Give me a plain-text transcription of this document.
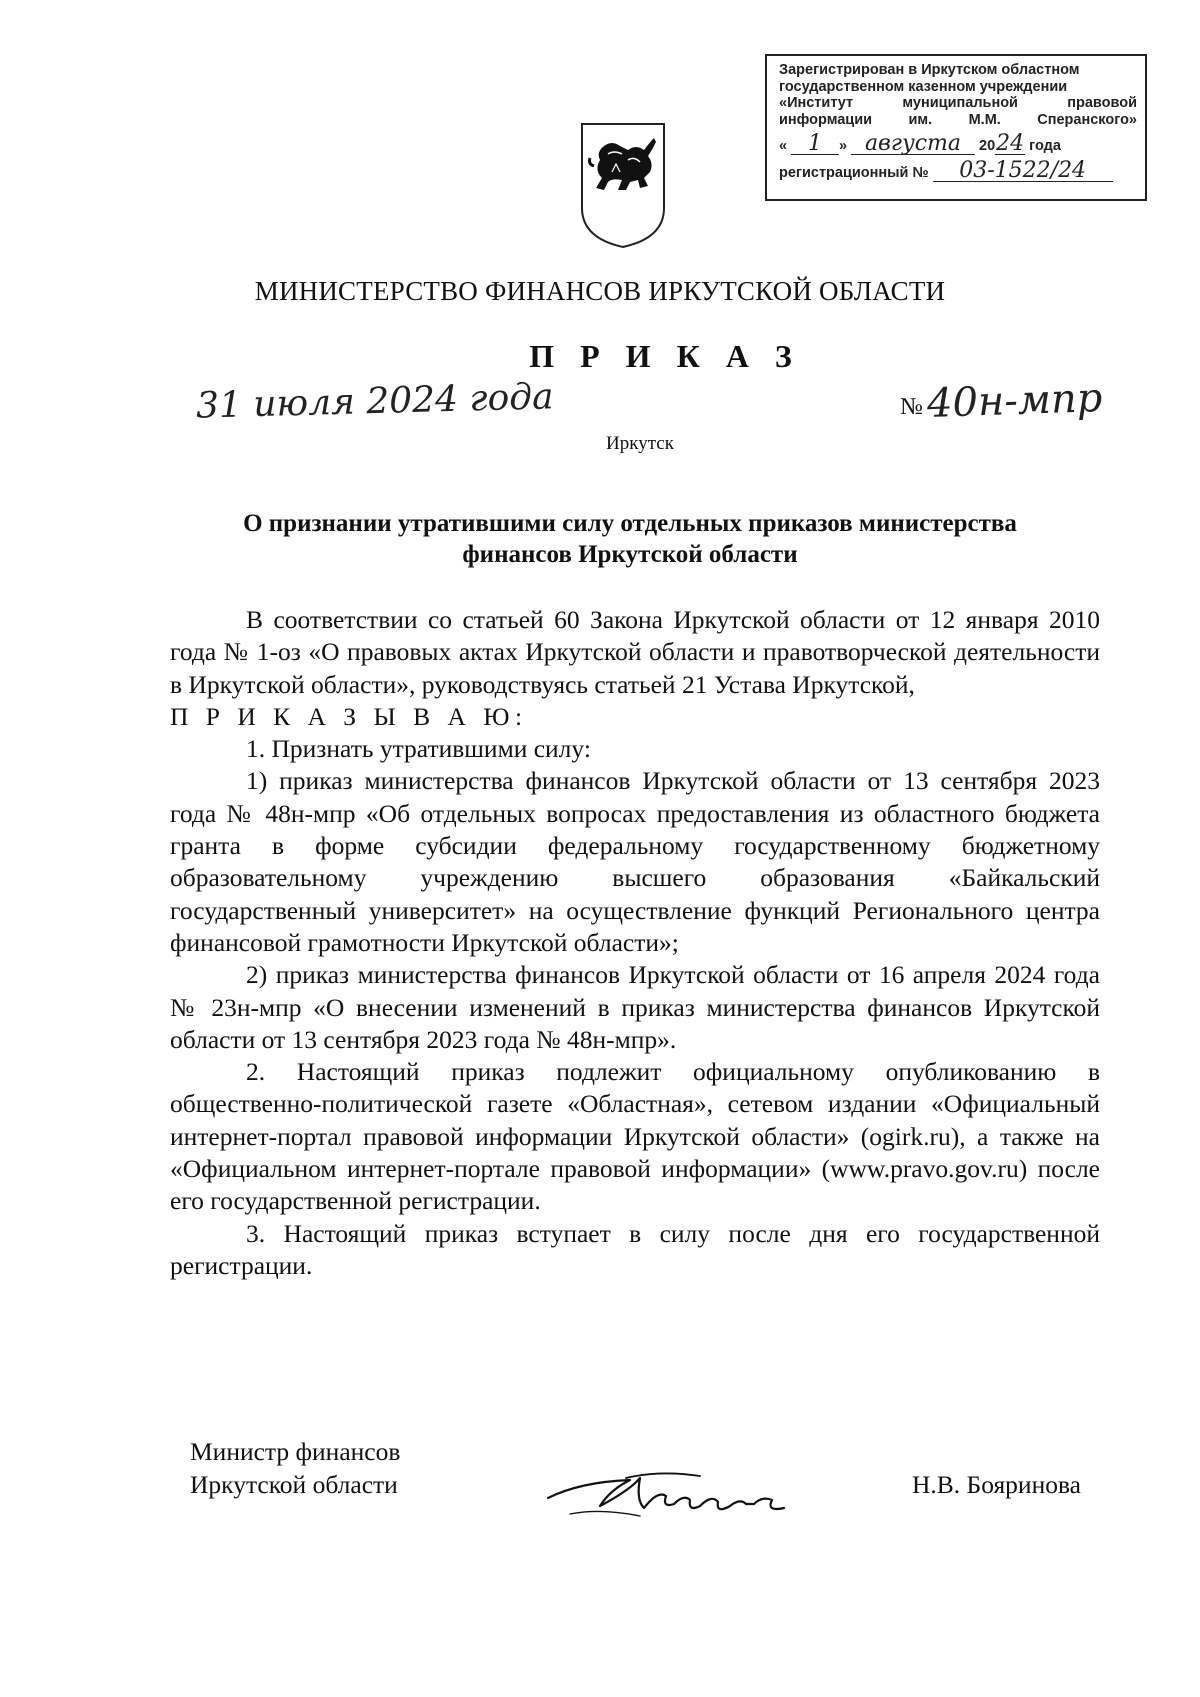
Зарегистрирован в Иркутском областном
государственном казенном учреждении
«Институт муниципальной правовой
информации им. М.М. Сперанского»
« 1	» августа	20 24 года
регистрационный №	03-1522/24
МИНИСТЕРСТВО ФИНАНСОВ ИРКУТСКОЙ ОБЛАСТИ
П Р И К А З
31 июля 2024 года	№ 40н-мпр
Иркутск
О признании утратившими силу отдельных приказов министерства
финансов Иркутской области

В соответствии со статьей 60 Закона Иркутской области от 12 января 2010 года № 1-оз «О правовых актах Иркутской области и правотворческой деятельности в Иркутской области», руководствуясь статьей 21 Устава Иркутской,

П Р И К А З Ы В А Ю:

1. Признать утратившими силу:

1) приказ министерства финансов Иркутской области от 13 сентября 2023 года № 48н-мпр «Об отдельных вопросах предоставления из областного бюджета гранта в форме субсидии федеральному государственному бюджетному образовательному учреждению высшего образования «Байкальский государственный университет» на осуществление функций Регионального центра финансовой грамотности Иркутской области»;

2) приказ министерства финансов Иркутской области от 16 апреля 2024 года № 23н-мпр «О внесении изменений в приказ министерства финансов Иркутской области от 13 сентября 2023 года № 48н-мпр».

2. Настоящий приказ подлежит официальному опубликованию в общественно-политической газете «Областная», сетевом издании «Официальный интернет-портал правовой информации Иркутской области» (ogirk.ru), а также на «Официальном интернет-портале правовой информации» (www.pravo.gov.ru) после его государственной регистрации.

3. Настоящий приказ вступает в силу после дня его государственной регистрации.

Министр финансов
Иркутской области	Н.В. Бояринова
